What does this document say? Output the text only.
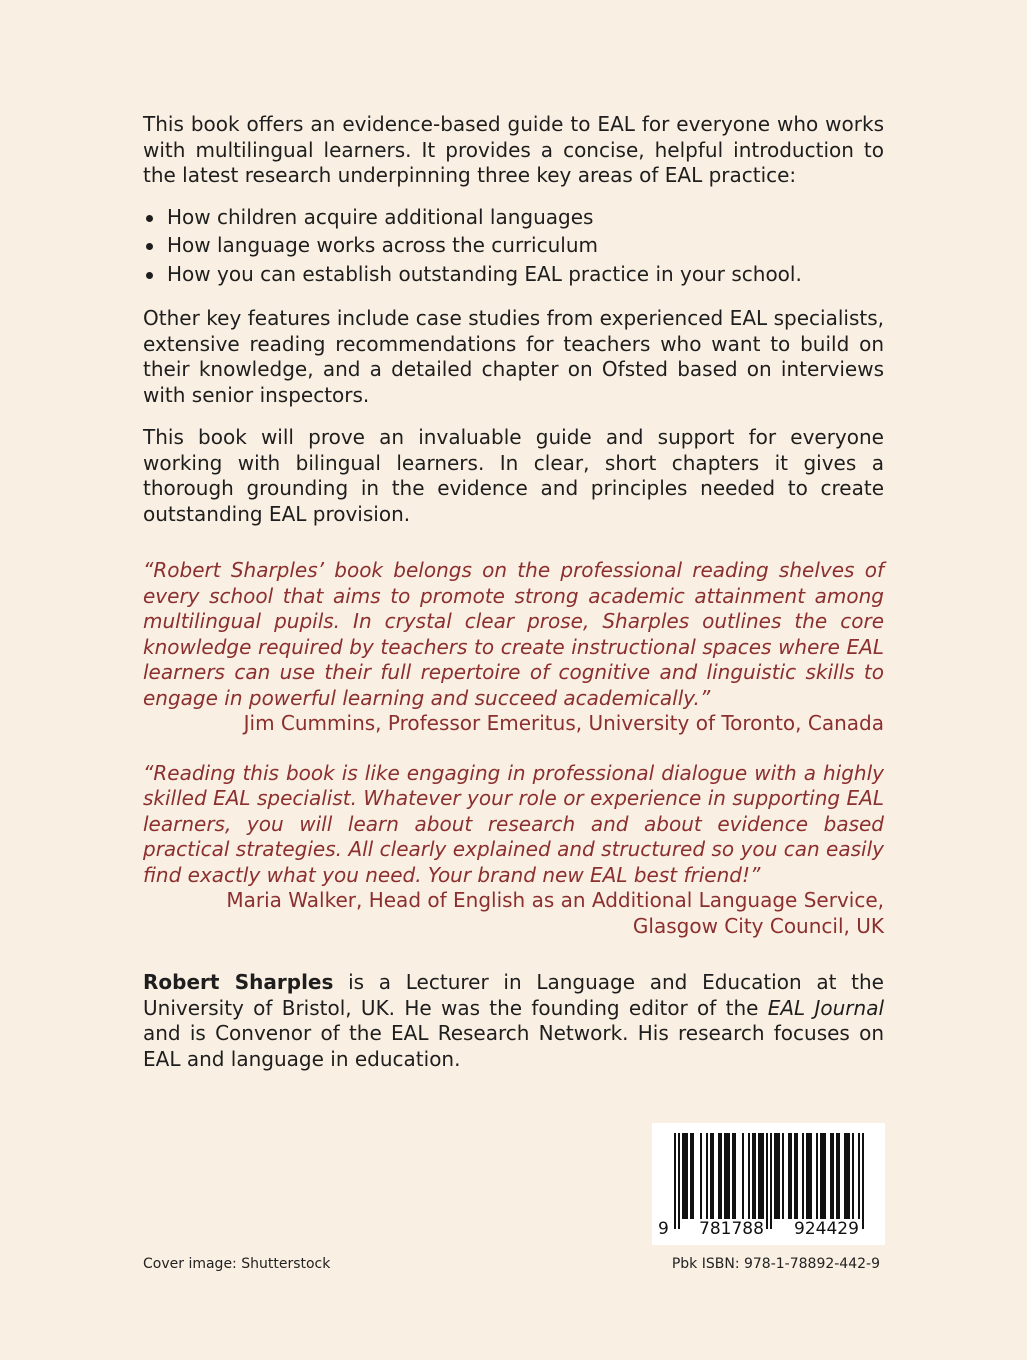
This book offers an evidence-based guide to EAL for everyone who works with multilingual learners. It provides a concise, helpful introduction to the latest research underpinning three key areas of EAL practice:

How children acquire additional languages
How language works across the curriculum
How you can establish outstanding EAL practice in your school.

Other key features include case studies from experienced EAL specialists, extensive reading recommendations for teachers who want to build on their knowledge, and a detailed chapter on Ofsted based on interviews with senior inspectors.

This book will prove an invaluable guide and support for everyone working with bilingual learners. In clear, short chapters it gives a thorough grounding in the evidence and principles needed to create outstanding EAL provision.

“Robert Sharples’ book belongs on the professional reading shelves of every school that aims to promote strong academic attainment among multilingual pupils. In crystal clear prose, Sharples outlines the core knowledge required by teachers to create instructional spaces where EAL learners can use their full repertoire of cognitive and linguistic skills to engage in powerful learning and succeed academically.”

Jim Cummins, Professor Emeritus, University of Toronto, Canada

“Reading this book is like engaging in professional dialogue with a highly skilled EAL specialist. Whatever your role or experience in supporting EAL learners, you will learn about research and about evidence based practical strategies. All clearly explained and structured so you can easily find exactly what you need. Your brand new EAL best friend!”

Maria Walker, Head of English as an Additional Language Service,

Glasgow City Council, UK

Robert Sharples is a Lecturer in Language and Education at the University of Bristol, UK. He was the founding editor of the EAL Journal and is Convenor of the EAL Research Network. His research focuses on EAL and language in education.

9 781788 924429
Cover image: Shutterstock	Pbk ISBN: 978-1-78892-442-9
